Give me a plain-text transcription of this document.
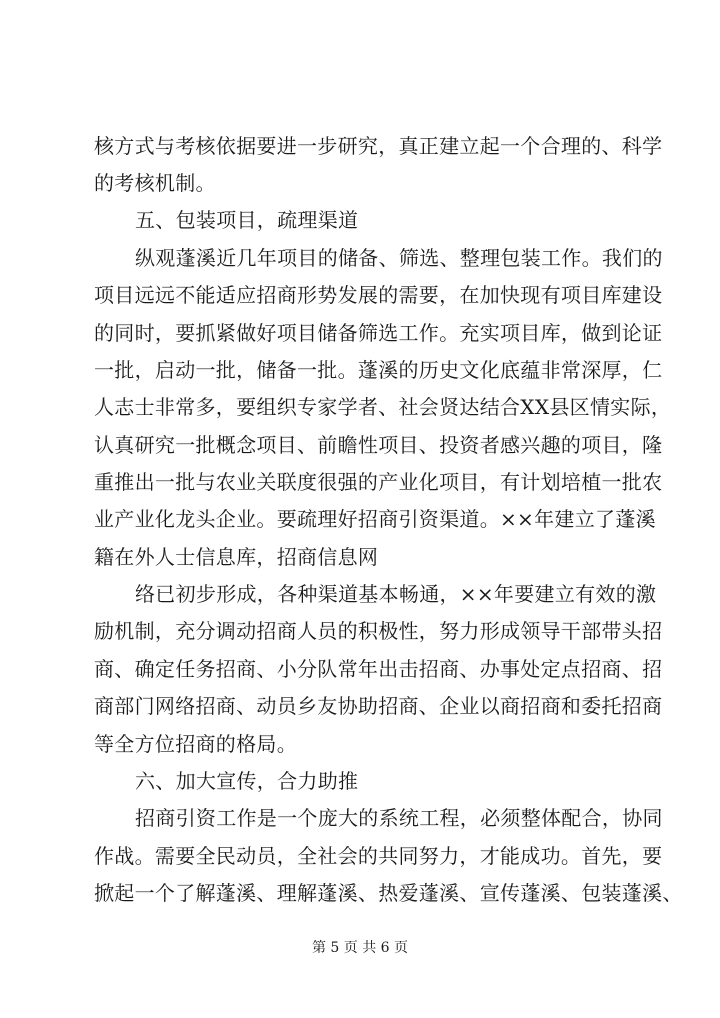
核方式与考核依据要进一步研究，真正建立起一个合理的、科学
的考核机制。
五、包装项目，疏理渠道
纵观蓬溪近几年项目的储备、筛选、整理包装工作。我们的
项目远远不能适应招商形势发展的需要，在加快现有项目库建设
的同时，要抓紧做好项目储备筛选工作。充实项目库，做到论证
一批，启动一批，储备一批。蓬溪的历史文化底蕴非常深厚，仁
人志士非常多，要组织专家学者、社会贤达结合XX县区情实际，
认真研究一批概念项目、前瞻性项目、投资者感兴趣的项目，隆
重推出一批与农业关联度很强的产业化项目，有计划培植一批农
业产业化龙头企业。要疏理好招商引资渠道。××年建立了蓬溪
籍在外人士信息库，招商信息网
络已初步形成，各种渠道基本畅通，××年要建立有效的激
励机制，充分调动招商人员的积极性，努力形成领导干部带头招
商、确定任务招商、小分队常年出击招商、办事处定点招商、招
商部门网络招商、动员乡友协助招商、企业以商招商和委托招商
等全方位招商的格局。
六、加大宣传，合力助推
招商引资工作是一个庞大的系统工程，必须整体配合，协同
作战。需要全民动员，全社会的共同努力，才能成功。首先，要
掀起一个了解蓬溪、理解蓬溪、热爱蓬溪、宣传蓬溪、包装蓬溪、
第 5 页 共 6 页
